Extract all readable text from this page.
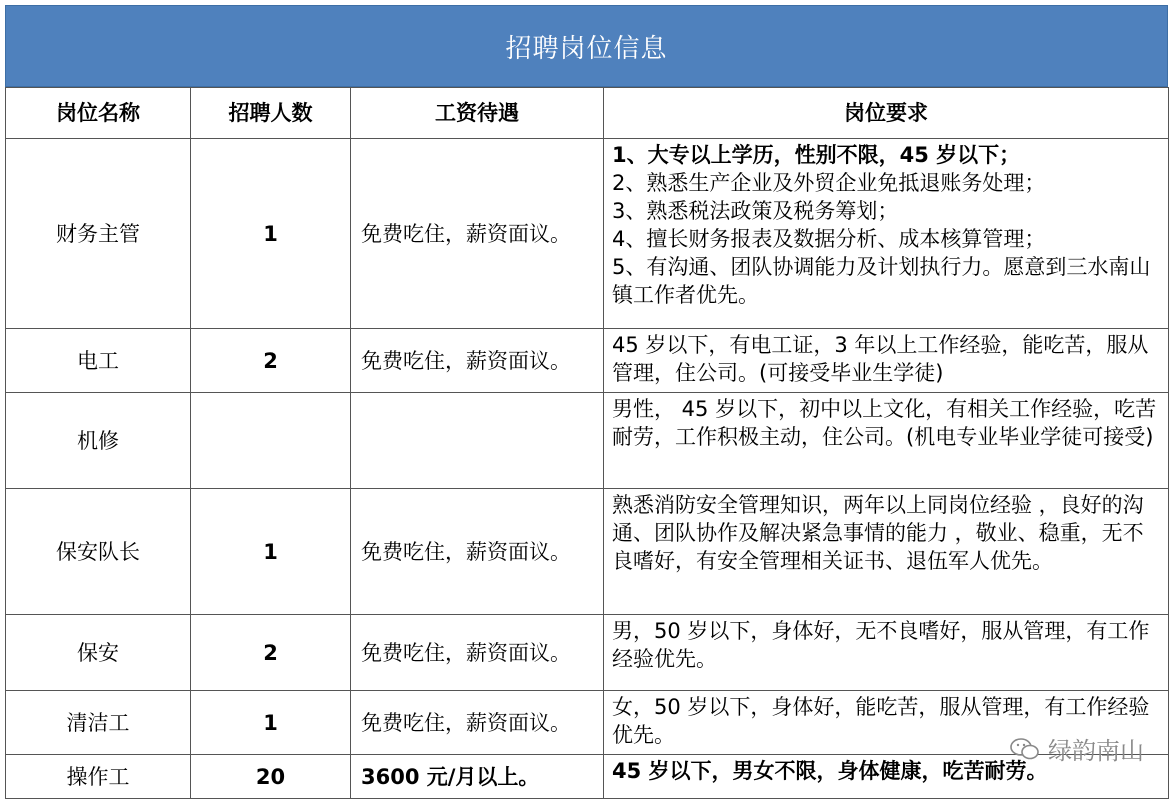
招聘岗位信息
岗位名称	招聘人数	工资待遇	岗位要求
财务主管	1	免费吃住，薪资面议。	1、大专以上学历，性别不限，45 岁以下；
2、熟悉生产企业及外贸企业免抵退账务处理；
3、熟悉税法政策及税务筹划；
4、擅长财务报表及数据分析、成本核算管理；
5、有沟通、团队协调能力及计划执行力。愿意到三水南山镇工作者优先。

电工	2	免费吃住，薪资面议。	45 岁以下，有电工证，3 年以上工作经验，能吃苦，服从管理，住公司。(可接受毕业生学徒)
机修			男性， 45 岁以下，初中以上文化，有相关工作经验，吃苦耐劳，工作积极主动，住公司。(机电专业毕业学徒可接受)
保安队长	1	免费吃住，薪资面议。	熟悉消防安全管理知识，两年以上同岗位经验 ，良好的沟通、团队协作及解决紧急事情的能力 ，敬业、稳重，无不良嗜好，有安全管理相关证书、退伍军人优先。
保安	2	免费吃住，薪资面议。	男，50 岁以下，身体好，无不良嗜好，服从管理，有工作经验优先。
清洁工	1	免费吃住，薪资面议。	女，50 岁以下，身体好，能吃苦，服从管理，有工作经验优先。
操作工	20	3600 元/月以上。	45 岁以下，男女不限，身体健康，吃苦耐劳。
绿韵南山
